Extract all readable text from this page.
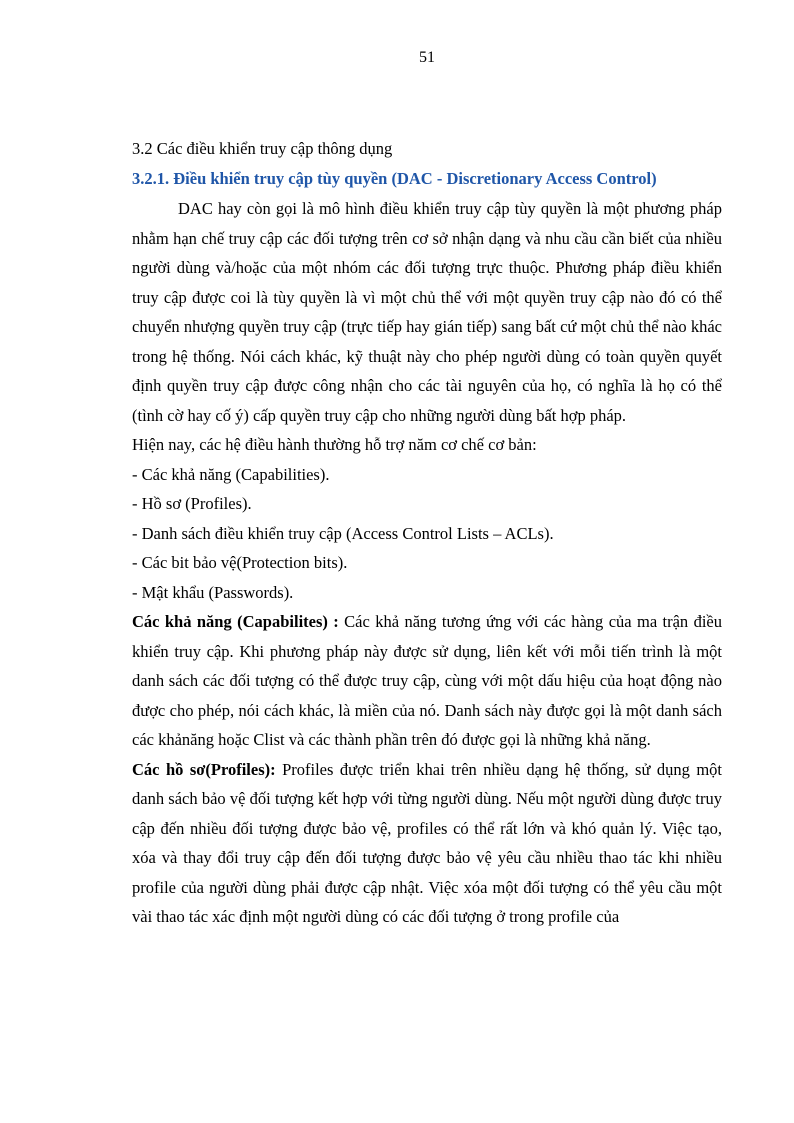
51
3.2 Các điều khiển truy cập thông dụng
3.2.1. Điều khiển truy cập tùy quyền (DAC - Discretionary Access Control)

DAC hay còn gọi là mô hình điều khiển truy cập tùy quyền là một phương pháp nhằm hạn chế truy cập các đối tượng trên cơ sở nhận dạng và nhu cầu cần biết của nhiều người dùng và/hoặc của một nhóm các đối tượng trực thuộc. Phương pháp điều khiển truy cập được coi là tùy quyền là vì một chủ thể với một quyền truy cập nào đó có thể chuyển nhượng quyền truy cập (trực tiếp hay gián tiếp) sang bất cứ một chủ thể nào khác trong hệ thống. Nói cách khác, kỹ thuật này cho phép người dùng có toàn quyền quyết định quyền truy cập được công nhận cho các tài nguyên của họ, có nghĩa là họ có thể (tình cờ hay cố ý) cấp quyền truy cập cho những người dùng bất hợp pháp.

Hiện nay, các hệ điều hành thường hỗ trợ năm cơ chế cơ bản:
- Các khả năng (Capabilities).
- Hồ sơ (Profiles).
- Danh sách điều khiển truy cập (Access Control Lists – ACLs).
- Các bit bảo vệ(Protection bits).
- Mật khẩu (Passwords).

Các khả năng (Capabilites) : Các khả năng tương ứng với các hàng của ma trận điều khiển truy cập. Khi phương pháp này được sử dụng, liên kết với mỗi tiến trình là một danh sách các đối tượng có thể được truy cập, cùng với một dấu hiệu của hoạt động nào được cho phép, nói cách khác, là miền của nó. Danh sách này được gọi là một danh sách các khảnăng hoặc Clist và các thành phần trên đó được gọi là những khả năng.

Các hồ sơ(Profiles): Profiles được triển khai trên nhiều dạng hệ thống, sử dụng một danh sách bảo vệ đối tượng kết hợp với từng người dùng. Nếu một người dùng được truy cập đến nhiều đối tượng được bảo vệ, profiles có thể rất lớn và khó quản lý. Việc tạo, xóa và thay đổi truy cập đến đối tượng được bảo vệ yêu cầu nhiều thao tác khi nhiều profile của người dùng phải được cập nhật. Việc xóa một đối tượng có thể yêu cầu một vài thao tác xác định một người dùng có các đối tượng ở trong profile của
